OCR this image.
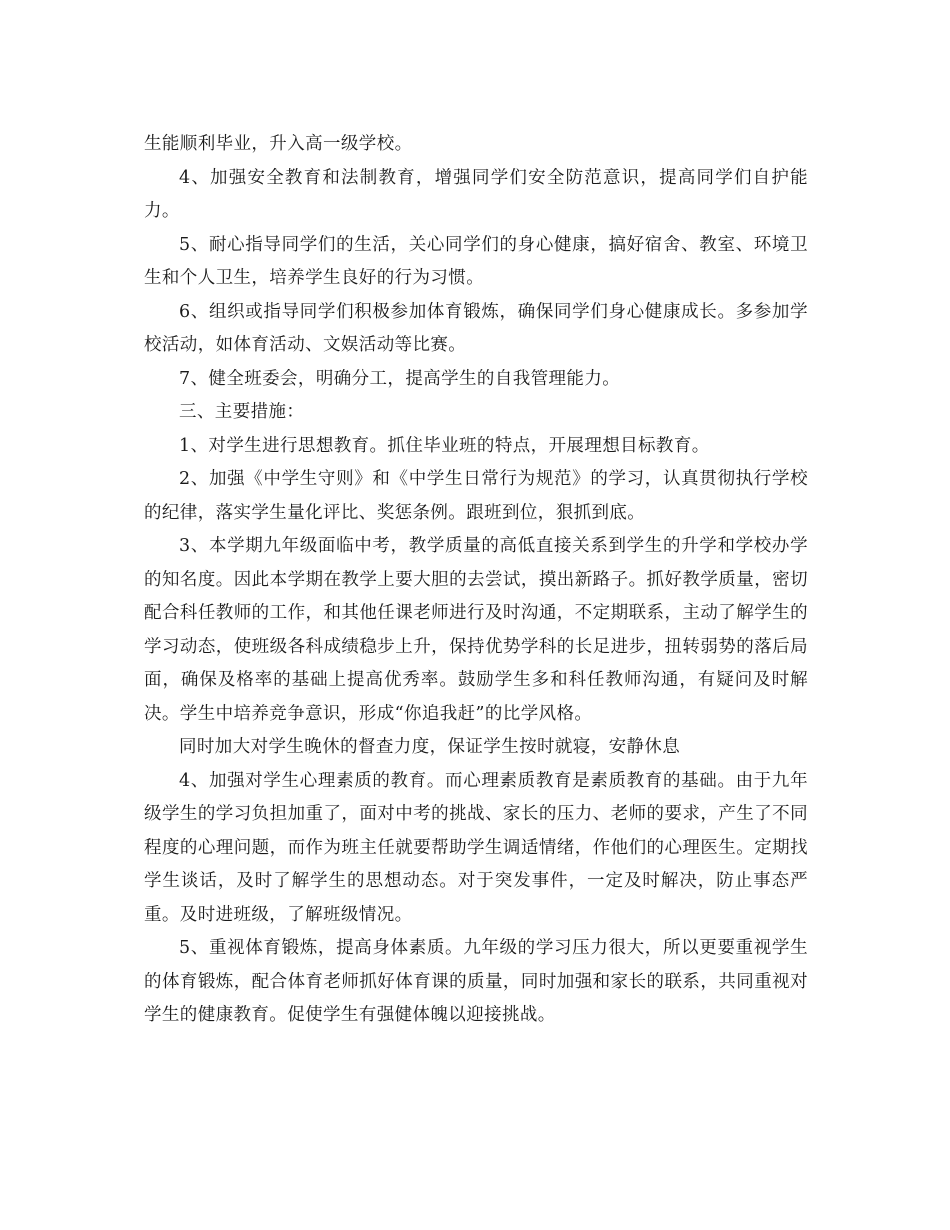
生能顺利毕业，升入高一级学校。

4、加强安全教育和法制教育，增强同学们安全防范意识，提高同学们自护能力。

5、耐心指导同学们的生活，关心同学们的身心健康，搞好宿舍、教室、环境卫生和个人卫生，培养学生良好的行为习惯。

6、组织或指导同学们积极参加体育锻炼，确保同学们身心健康成长。多参加学校活动，如体育活动、文娱活动等比赛。

7、健全班委会，明确分工，提高学生的自我管理能力。

三、主要措施：

1、对学生进行思想教育。抓住毕业班的特点，开展理想目标教育。

2、加强《中学生守则》和《中学生日常行为规范》的学习，认真贯彻执行学校的纪律，落实学生量化评比、奖惩条例。跟班到位，狠抓到底。

3、本学期九年级面临中考，教学质量的高低直接关系到学生的升学和学校办学的知名度。因此本学期在教学上要大胆的去尝试，摸出新路子。抓好教学质量，密切配合科任教师的工作，和其他任课老师进行及时沟通，不定期联系，主动了解学生的学习动态，使班级各科成绩稳步上升，保持优势学科的长足进步，扭转弱势的落后局面，确保及格率的基础上提高优秀率。鼓励学生多和科任教师沟通，有疑问及时解决。学生中培养竞争意识，形成“你追我赶”的比学风格。

同时加大对学生晚休的督查力度，保证学生按时就寝，安静休息

4、加强对学生心理素质的教育。而心理素质教育是素质教育的基础。由于九年级学生的学习负担加重了，面对中考的挑战、家长的压力、老师的要求，产生了不同程度的心理问题，而作为班主任就要帮助学生调适情绪，作他们的心理医生。定期找学生谈话，及时了解学生的思想动态。对于突发事件，一定及时解决，防止事态严重。及时进班级，了解班级情况。

5、重视体育锻炼，提高身体素质。九年级的学习压力很大，所以更要重视学生的体育锻炼，配合体育老师抓好体育课的质量，同时加强和家长的联系，共同重视对学生的健康教育。促使学生有强健体魄以迎接挑战。
